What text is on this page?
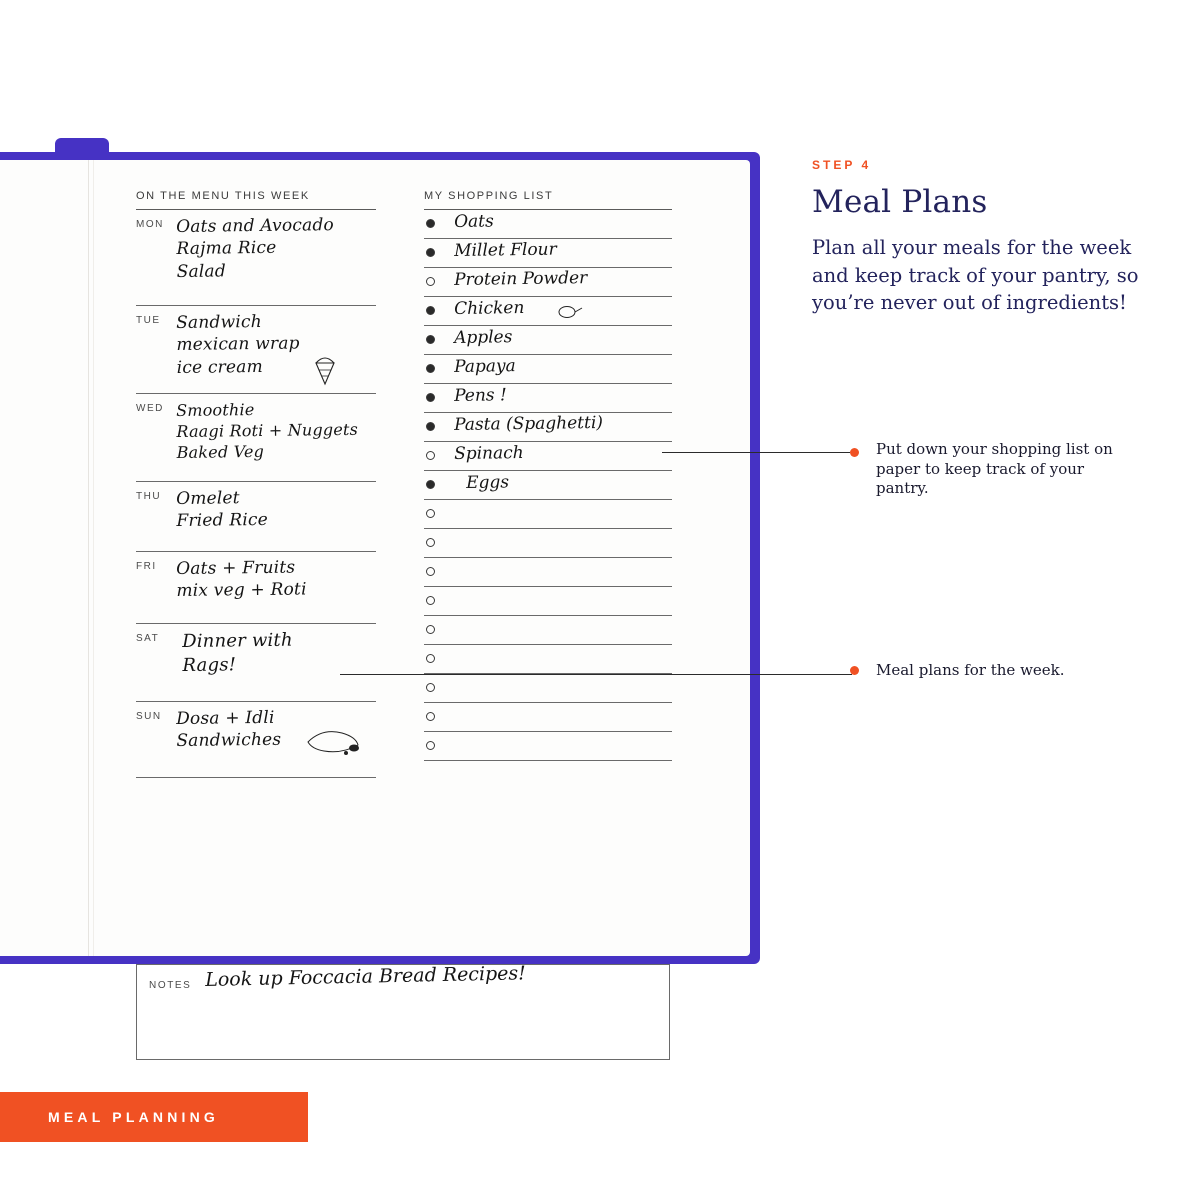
ON THE MENU THIS WEEK
MON Oats and Avocado
Rajma Rice
Salad
TUE Sandwich
mexican wrap
ice cream
WED Smoothie
Raagi Roti + Nuggets
Baked Veg
THU Omelet
Fried Rice
FRI Oats + Fruits
mix veg + Roti
SAT Dinner with
Rags!
SUN Dosa + Idli
Sandwiches
MY SHOPPING LIST
Oats
Millet Flour
Protein Powder
Chicken
Apples
Papaya
Pens !
Pasta (Spaghetti)
Spinach
Eggs
NOTES Look up Foccacia Bread Recipes!

STEP 4

Meal Plans

Plan all your meals for the week and keep track of your pantry, so you’re never out of ingredients!

Put down your shopping list on paper to keep track of your pantry.
Meal plans for the week.
MEAL PLANNING
